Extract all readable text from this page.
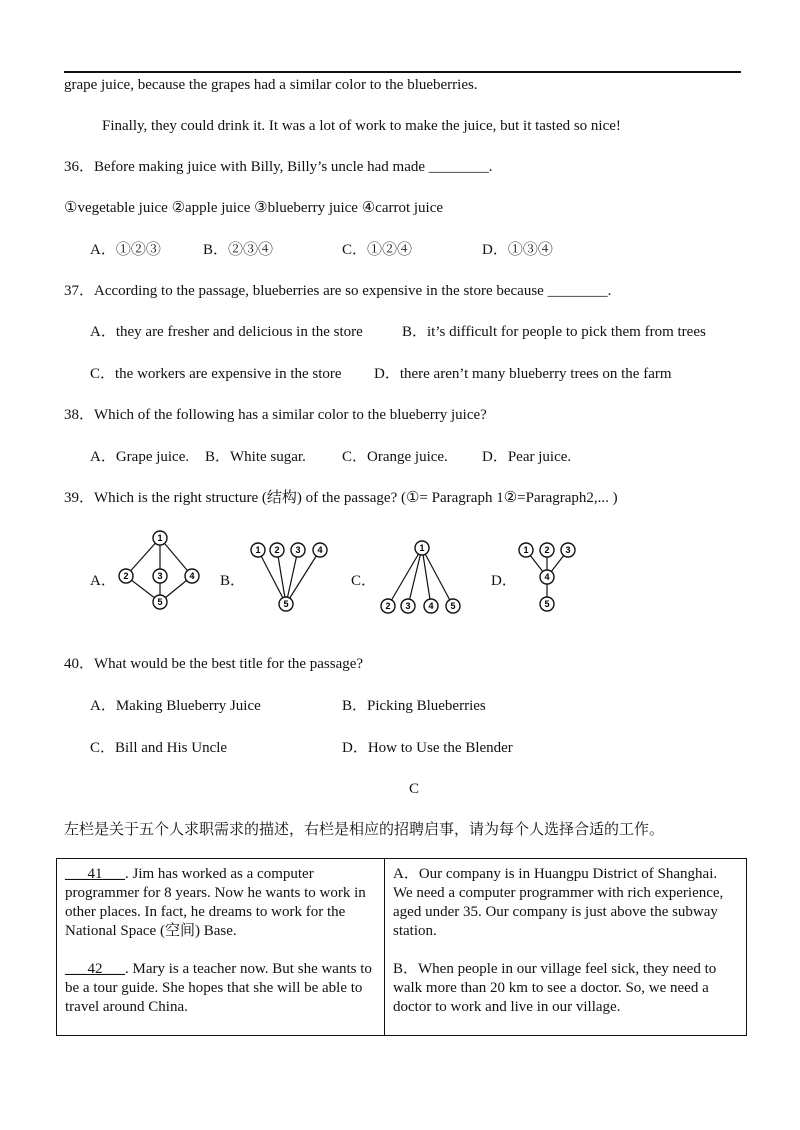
grape juice, because the grapes had a similar color to the blueberries.
Finally, they could drink it. It was a lot of work to make the juice, but it tasted so nice!
36．Before making juice with Billy, Billy’s uncle had made ________.
①vegetable juice ②apple juice ③blueberry juice ④carrot juice
A．①②③	B．②③④	C．①②④	D．①③④
37．According to the passage, blueberries are so expensive in the store because ________.
A．they are fresher and delicious in the store	B．it’s difficult for people to pick them from trees
C．the workers are expensive in the store D．there aren’t many blueberry trees on the farm
38．Which of the following has a similar color to the blueberry juice?
A．Grape juice. B．White sugar. C．Orange juice. D．Pear juice.
39．Which is the right structure (结构) of the passage? (①= Paragraph 1②=Paragraph2,... )
A．
1
2	3	4
5
B．
1 2 3 4
5
C．
1
2 3 4 5
D．
1 2 3
4
5
40．What would be the best title for the passage?
A．Making Blueberry Juice	B．Picking Blueberries
C．Bill and His Uncle	D．How to Use the Blender
C
左栏是关于五个人求职需求的描述，右栏是相应的招聘启事，请为每个人选择合适的工作。

___41___. Jim has worked as a computer programmer for 8 years. Now he wants to work in other places. In fact, he dreams to work for the National Space (空间) Base.

___42___. Mary is a teacher now. But she wants to be a tour guide. She hopes that she will be able to travel around China.

A．Our company is in Huangpu District of Shanghai. We need a computer programmer with rich experience, aged under 35. Our company is just above the subway station.

B．When people in our village feel sick, they need to walk more than 20 km to see a doctor. So, we need a doctor to work and live in our village.
